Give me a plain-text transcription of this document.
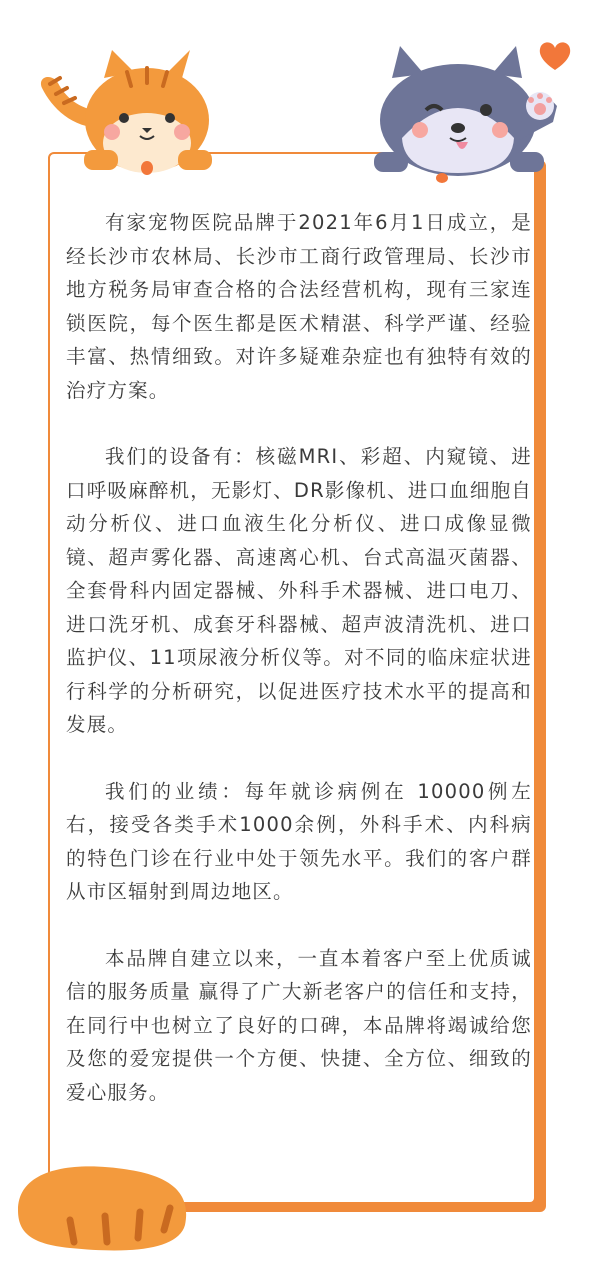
有家宠物医院品牌于2021年6月1日成立，是经长沙市农林局、长沙市工商行政管理局、长沙市地方税务局审查合格的合法经营机构，现有三家连锁医院，每个医生都是医术精湛、科学严谨、经验丰富、热情细致。对许多疑难杂症也有独特有效的治疗方案。

我们的设备有：核磁MRI、彩超、内窥镜、进口呼吸麻醉机，无影灯、DR影像机、进口血细胞自动分析仪、进口血液生化分析仪、进口成像显微镜、超声雾化器、高速离心机、台式高温灭菌器、全套骨科内固定器械、外科手术器械、进口电刀、进口洗牙机、成套牙科器械、超声波清洗机、进口监护仪、11项尿液分析仪等。对不同的临床症状进行科学的分析研究，以促进医疗技术水平的提高和发展。

我们的业绩：每年就诊病例在 10000例左右，接受各类手术1000余例，外科手术、内科病的特色门诊在行业中处于领先水平。我们的客户群从市区辐射到周边地区。

本品牌自建立以来，一直本着客户至上优质诚信的服务质量 赢得了广大新老客户的信任和支持，在同行中也树立了良好的口碑，本品牌将竭诚给您及您的爱宠提供一个方便、快捷、全方位、细致的爱心服务。
